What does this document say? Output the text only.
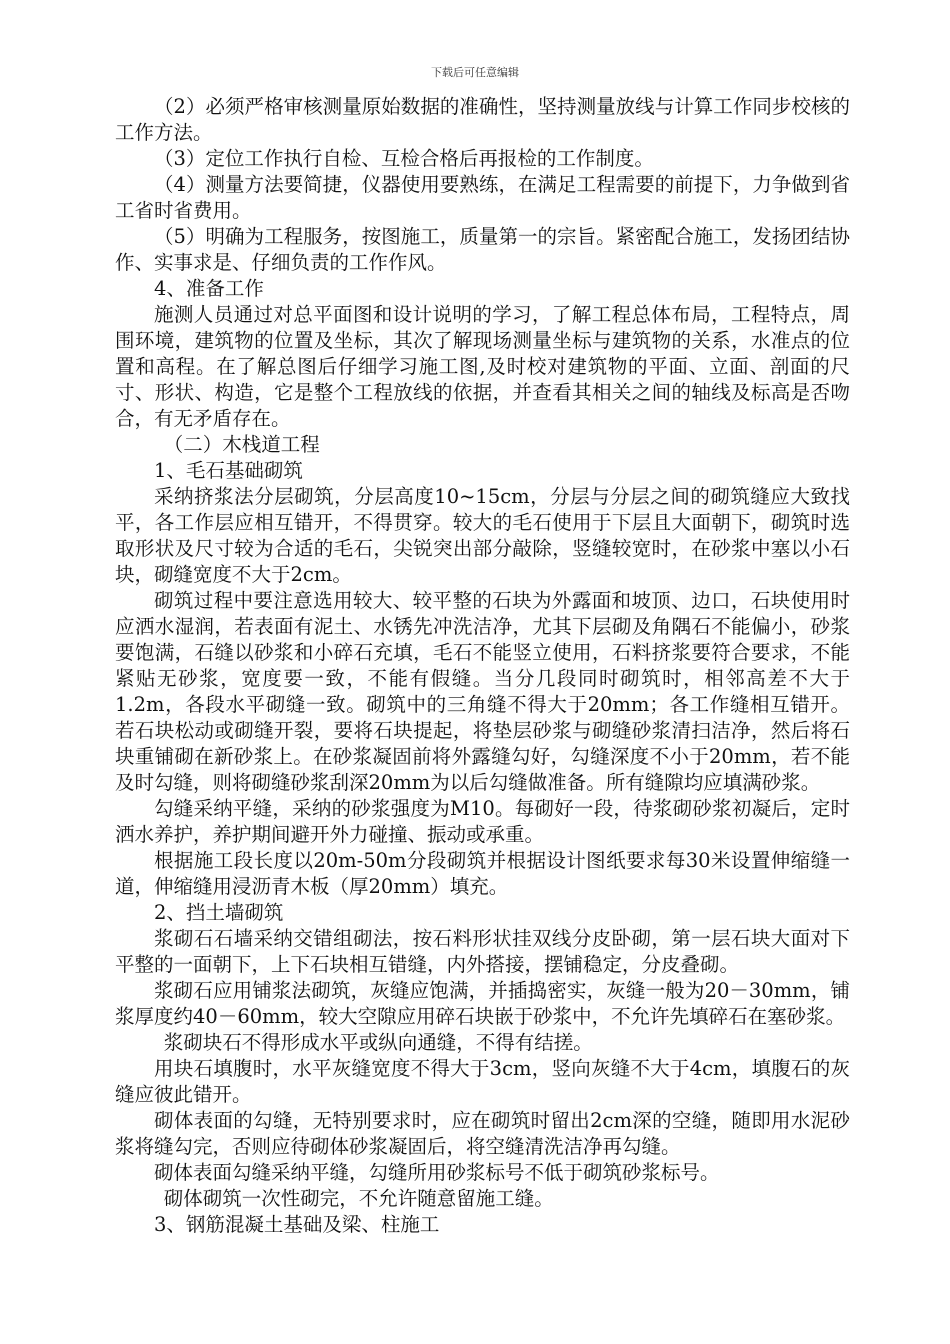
下载后可任意编辑

（2）必须严格审核测量原始数据的准确性，坚持测量放线与计算工作同步校核的工作方法。

（3）定位工作执行自检、互检合格后再报检的工作制度。

（4）测量方法要简捷，仪器使用要熟练，在满足工程需要的前提下，力争做到省工省时省费用。

（5）明确为工程服务，按图施工，质量第一的宗旨。紧密配合施工，发扬团结协作、实事求是、仔细负责的工作作风。

4、准备工作

施测人员通过对总平面图和设计说明的学习，了解工程总体布局，工程特点，周围环境，建筑物的位置及坐标，其次了解现场测量坐标与建筑物的关系，水准点的位置和高程。在了解总图后仔细学习施工图,及时校对建筑物的平面、立面、剖面的尺寸、形状、构造，它是整个工程放线的依据，并查看其相关之间的轴线及标高是否吻合，有无矛盾存在。

（二）木栈道工程

1、毛石基础砌筑

采纳挤浆法分层砌筑，分层高度10~15cm，分层与分层之间的砌筑缝应大致找平，各工作层应相互错开，不得贯穿。较大的毛石使用于下层且大面朝下，砌筑时选取形状及尺寸较为合适的毛石，尖锐突出部分敲除，竖缝较宽时，在砂浆中塞以小石块，砌缝宽度不大于2cm。

砌筑过程中要注意选用较大、较平整的石块为外露面和坡顶、边口，石块使用时应洒水湿润，若表面有泥土、水锈先冲洗洁净，尤其下层砌及角隅石不能偏小，砂浆要饱满，石缝以砂浆和小碎石充填，毛石不能竖立使用，石料挤浆要符合要求，不能紧贴无砂浆，宽度要一致，不能有假缝。当分几段同时砌筑时，相邻高差不大于1.2m，各段水平砌缝一致。砌筑中的三角缝不得大于20mm；各工作缝相互错开。若石块松动或砌缝开裂，要将石块提起，将垫层砂浆与砌缝砂浆清扫洁净，然后将石块重铺砌在新砂浆上。在砂浆凝固前将外露缝勾好，勾缝深度不小于20mm，若不能及时勾缝，则将砌缝砂浆刮深20mm为以后勾缝做准备。所有缝隙均应填满砂浆。

勾缝采纳平缝，采纳的砂浆强度为M10。每砌好一段，待浆砌砂浆初凝后，定时洒水养护，养护期间避开外力碰撞、振动或承重。

根据施工段长度以20m-50m分段砌筑并根据设计图纸要求每30米设置伸缩缝一道，伸缩缝用浸沥青木板（厚20mm）填充。

2、挡土墙砌筑

浆砌石石墙采纳交错组砌法，按石料形状挂双线分皮卧砌，第一层石块大面对下平整的一面朝下，上下石块相互错缝，内外搭接，摆铺稳定，分皮叠砌。

浆砌石应用铺浆法砌筑，灰缝应饱满，并插捣密实，灰缝一般为20－30mm，铺浆厚度约40－60mm，较大空隙应用碎石块嵌于砂浆中，不允许先填碎石在塞砂浆。

浆砌块石不得形成水平或纵向通缝，不得有结搓。

用块石填腹时，水平灰缝宽度不得大于3cm，竖向灰缝不大于4cm，填腹石的灰缝应彼此错开。

砌体表面的勾缝，无特别要求时，应在砌筑时留出2cm深的空缝，随即用水泥砂浆将缝勾完，否则应待砌体砂浆凝固后，将空缝清洗洁净再勾缝。

砌体表面勾缝采纳平缝，勾缝所用砂浆标号不低于砌筑砂浆标号。

砌体砌筑一次性砌完，不允许随意留施工缝。

3、钢筋混凝土基础及梁、柱施工
